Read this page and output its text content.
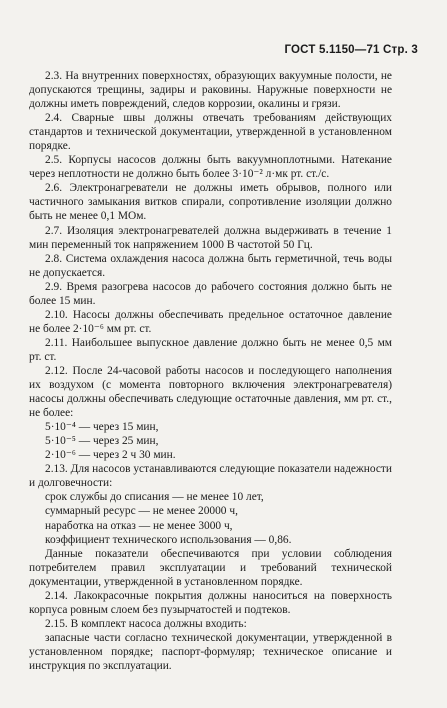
ГОСТ 5.1150—71 Стр. 3

2.3. На внутренних поверхностях, образующих вакуумные полости, не допускаются трещины, задиры и раковины. Наружные поверхности не должны иметь повреждений, следов коррозии, окалины и грязи.

2.4. Сварные швы должны отвечать требованиям действующих стандартов и технической документации, утвержденной в установленном порядке.

2.5. Корпусы насосов должны быть вакуумноплотными. Натекание через неплотности не должно быть более 3·10⁻² л·мк рт. ст./с.

2.6. Электронагреватели не должны иметь обрывов, полного или частичного замыкания витков спирали, сопротивление изоляции должно быть не менее 0,1 МОм.

2.7. Изоляция электронагревателей должна выдерживать в течение 1 мин переменный ток напряжением 1000 В частотой 50 Гц.

2.8. Система охлаждения насоса должна быть герметичной, течь воды не допускается.

2.9. Время разогрева насосов до рабочего состояния должно быть не более 15 мин.

2.10. Насосы должны обеспечивать предельное остаточное давление не более 2·10⁻⁶ мм рт. ст.

2.11. Наибольшее выпускное давление должно быть не менее 0,5 мм рт. ст.

2.12. После 24-часовой работы насосов и последующего наполнения их воздухом (с момента повторного включения электронагревателя) насосы должны обеспечивать следующие остаточные давления, мм рт. ст., не более:

5·10⁻⁴ — через 15 мин,

5·10⁻⁵ — через 25 мин,

2·10⁻⁶ — через 2 ч 30 мин.

2.13. Для насосов устанавливаются следующие показатели надежности и долговечности:

срок службы до списания — не менее 10 лет,

суммарный ресурс — не менее 20000 ч,

наработка на отказ — не менее 3000 ч,

коэффициент технического использования — 0,86.

Данные показатели обеспечиваются при условии соблюдения потребителем правил эксплуатации и требований технической документации, утвержденной в установленном порядке.

2.14. Лакокрасочные покрытия должны наноситься на поверхность корпуса ровным слоем без пузырчатостей и подтеков.

2.15. В комплект насоса должны входить:

запасные части согласно технической документации, утвержденной в установленном порядке; паспорт-формуляр; техническое описание и инструкция по эксплуатации.
